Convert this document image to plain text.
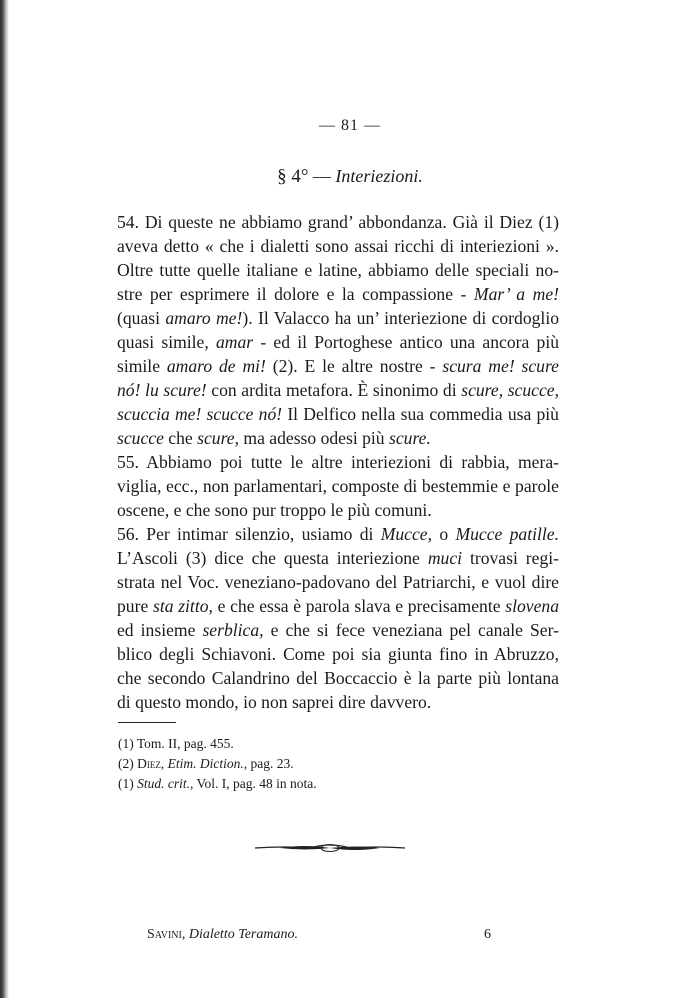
— 81 —
§ 4° — Interiezioni.
54. Di queste ne abbiamo grand’ abbondanza. Già il Diez (1)
aveva detto « che i dialetti sono assai ricchi di interiezioni ».
Oltre tutte quelle italiane e latine, abbiamo delle speciali no-
stre per esprimere il dolore e la compassione - Mar’ a me!
(quasi amaro me!). Il Valacco ha un’ interiezione di cordoglio
quasi simile, amar - ed il Portoghese antico una ancora più
simile amaro de mi! (2). E le altre nostre - scura me! scure
nó! lu scure! con ardita metafora. È sinonimo di scure, scucce,
scuccia me! scucce nó! Il Delfico nella sua commedia usa più
scucce che scure, ma adesso odesi più scure.
55. Abbiamo poi tutte le altre interiezioni di rabbia, mera-
viglia, ecc., non parlamentari, composte di bestemmie e parole
oscene, e che sono pur troppo le più comuni.
56. Per intimar silenzio, usiamo di Mucce, o Mucce patille.
L’Ascoli (3) dice che questa interiezione muci trovasi regi-
strata nel Voc. veneziano-padovano del Patriarchi, e vuol dire
pure sta zitto, e che essa è parola slava e precisamente slovena
ed insieme serblica, e che si fece veneziana pel canale Ser-
blico degli Schiavoni. Come poi sia giunta fino in Abruzzo,
che secondo Calandrino del Boccaccio è la parte più lontana
di questo mondo, io non saprei dire davvero.
(1) Tom. II, pag. 455.
(2) Diez, Etim. Diction., pag. 23.
(1) Stud. crit., Vol. I, pag. 48 in nota.
Savini, Dialetto Teramano.	6
